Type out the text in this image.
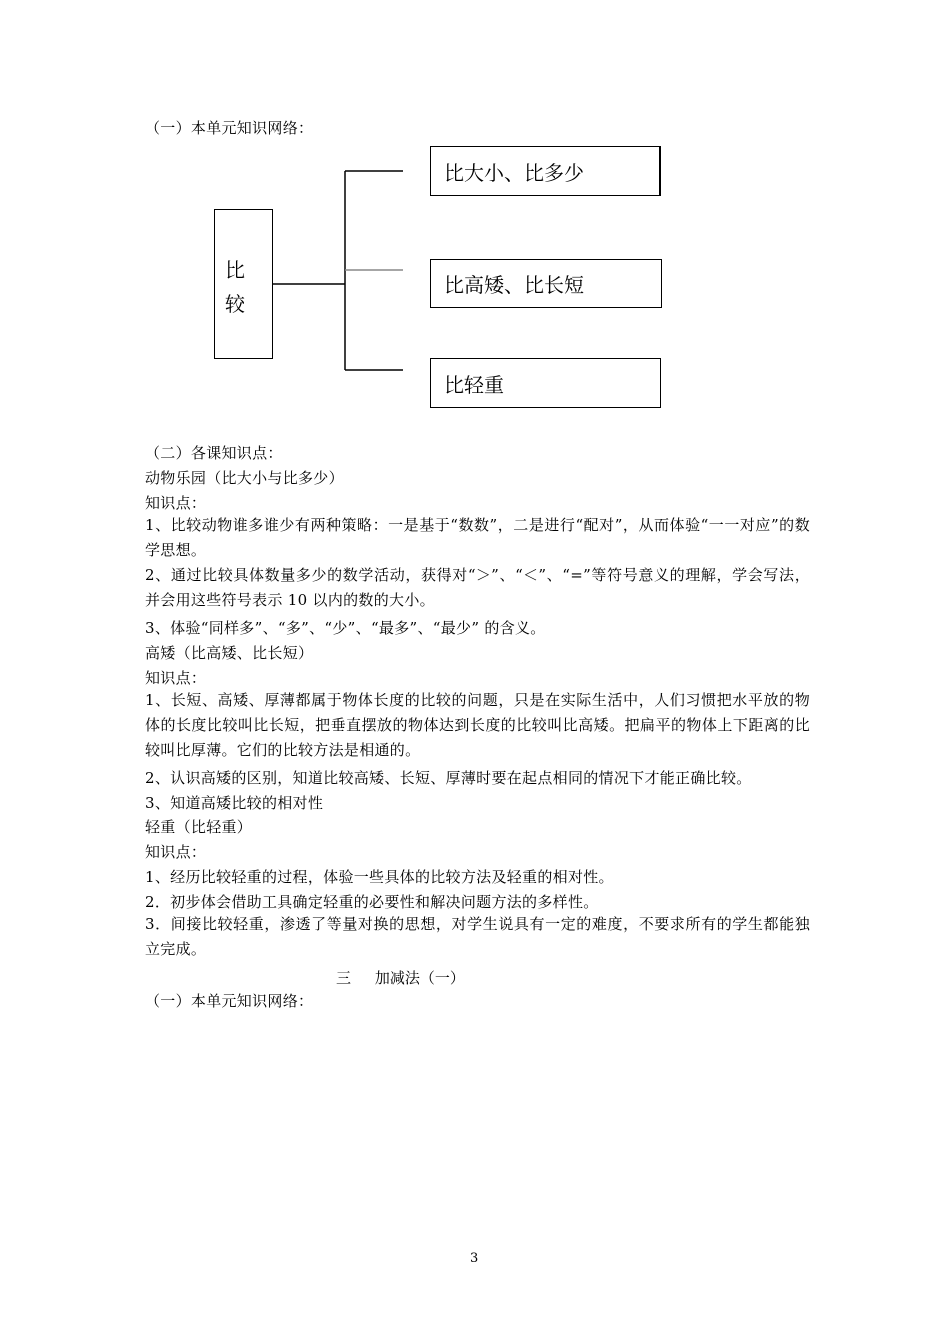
（一）本单元知识网络：
比
较
比大小、比多少
比高矮、比长短
比轻重
（二）各课知识点：
动物乐园（比大小与比多少）
知识点：
1、比较动物谁多谁少有两种策略：一是基于“数数”，二是进行“配对”，从而体验“一一对应”的数学思想。
2、通过比较具体数量多少的数学活动，获得对“＞”、“＜”、“=”等符号意义的理解，学会写法，并会用这些符号表示 10 以内的数的大小。
3、体验“同样多”、“多”、“少”、“最多”、“最少” 的含义。
高矮（比高矮、比长短）
知识点：
1、长短、高矮、厚薄都属于物体长度的比较的问题，只是在实际生活中，人们习惯把水平放的物体的长度比较叫比长短，把垂直摆放的物体达到长度的比较叫比高矮。把扁平的物体上下距离的比较叫比厚薄。它们的比较方法是相通的。
2、认识高矮的区别，知道比较高矮、长短、厚薄时要在起点相同的情况下才能正确比较。
3、知道高矮比较的相对性
轻重（比轻重）
知识点：
1、经历比较轻重的过程，体验一些具体的比较方法及轻重的相对性。
2．初步体会借助工具确定轻重的必要性和解决问题方法的多样性。
3．间接比较轻重，渗透了等量对换的思想，对学生说具有一定的难度，不要求所有的学生都能独立完成。
三     加减法（一）
（一）本单元知识网络：
3
